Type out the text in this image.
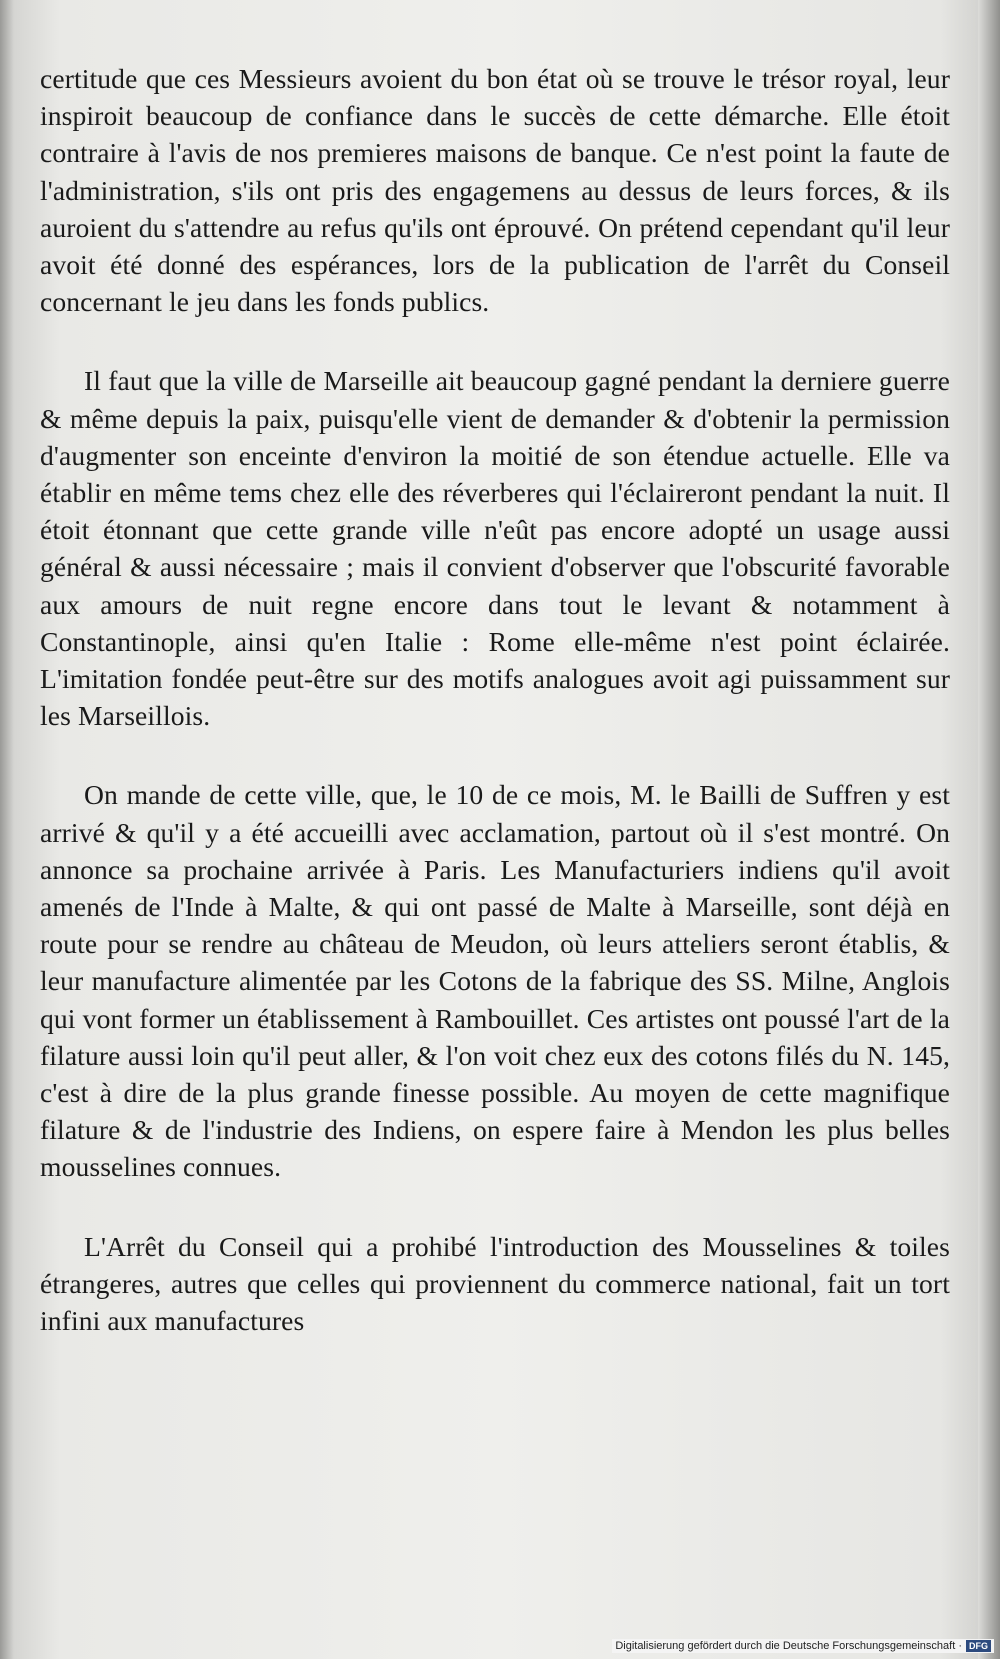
certitude que ces Messieurs avoient du bon état où se trouve le trésor royal, leur inspiroit beaucoup de confiance dans le succès de cette démarche. Elle étoit contraire à l'avis de nos premieres maisons de banque. Ce n'est point la faute de l'administration, s'ils ont pris des engagemens au dessus de leurs forces, & ils auroient du s'attendre au refus qu'ils ont éprouvé. On prétend cependant qu'il leur avoit été donné des espérances, lors de la publication de l'arrêt du Conseil concernant le jeu dans les fonds publics.

Il faut que la ville de Marseille ait beaucoup gagné pendant la derniere guerre & même depuis la paix, puisqu'elle vient de demander & d'obtenir la permission d'augmenter son enceinte d'environ la moitié de son étendue actuelle. Elle va établir en même tems chez elle des réverberes qui l'éclaireront pendant la nuit. Il étoit étonnant que cette grande ville n'eût pas encore adopté un usage aussi général & aussi nécessaire ; mais il convient d'observer que l'obscurité favorable aux amours de nuit regne encore dans tout le levant & notamment à Constantinople, ainsi qu'en Italie : Rome elle-même n'est point éclairée. L'imitation fondée peut-être sur des motifs analogues avoit agi puissamment sur les Marseillois.

On mande de cette ville, que, le 10 de ce mois, M. le Bailli de Suffren y est arrivé & qu'il y a été accueilli avec acclamation, partout où il s'est montré. On annonce sa prochaine arrivée à Paris. Les Manufacturiers indiens qu'il avoit amenés de l'Inde à Malte, & qui ont passé de Malte à Marseille, sont déjà en route pour se rendre au château de Meudon, où leurs atteliers seront établis, & leur manufacture alimentée par les Cotons de la fabrique des SS. Milne, Anglois qui vont former un établissement à Rambouillet. Ces artistes ont poussé l'art de la filature aussi loin qu'il peut aller, & l'on voit chez eux des cotons filés du N. 145, c'est à dire de la plus grande finesse possible. Au moyen de cette magnifique filature & de l'industrie des Indiens, on espere faire à Mendon les plus belles mousselines connues.

L'Arrêt du Conseil qui a prohibé l'introduction des Mousselines & toiles étrangeres, autres que celles qui proviennent du commerce national, fait un tort infini aux manufactures

Digitalisierung gefördert durch die Deutsche Forschungsgemeinschaft · DFG
